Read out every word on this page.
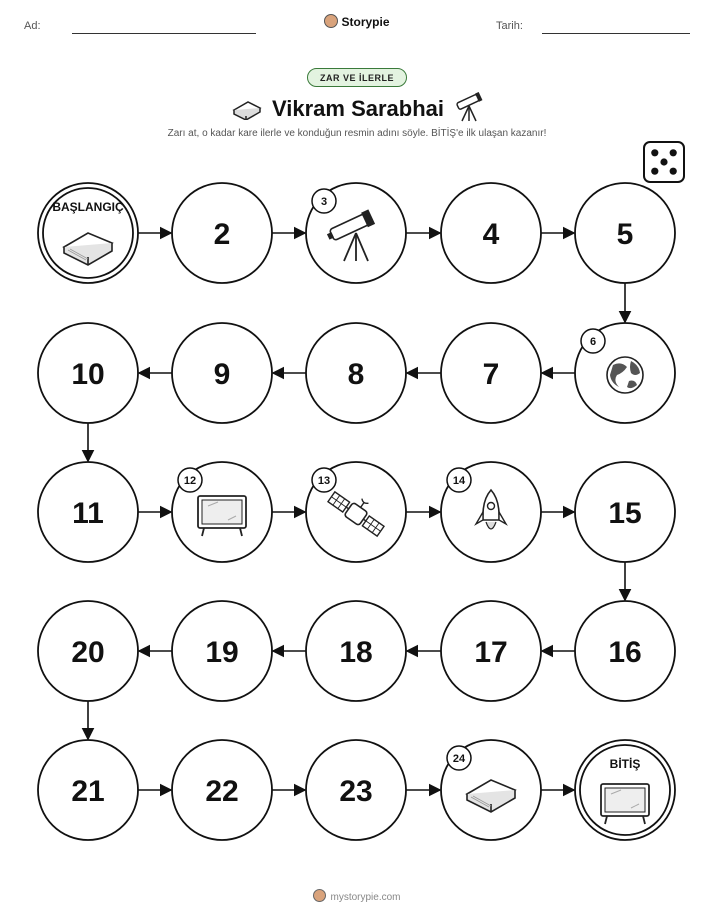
Ad:	Storypie	Tarih:
ZAR VE İLERLE
Vikram Sarabhai
Zarı at, o kadar kare ilerle ve konduğun resmin adını söyle. BİTİŞ'e ilk ulaşan kazanır!
BAŞLANGIÇ
2
3
4	5
6
7
8
9
10
11
12	13	14
15
16
17
18
19
20
21	22	23
24	BİTİŞ
mystorypie.com
